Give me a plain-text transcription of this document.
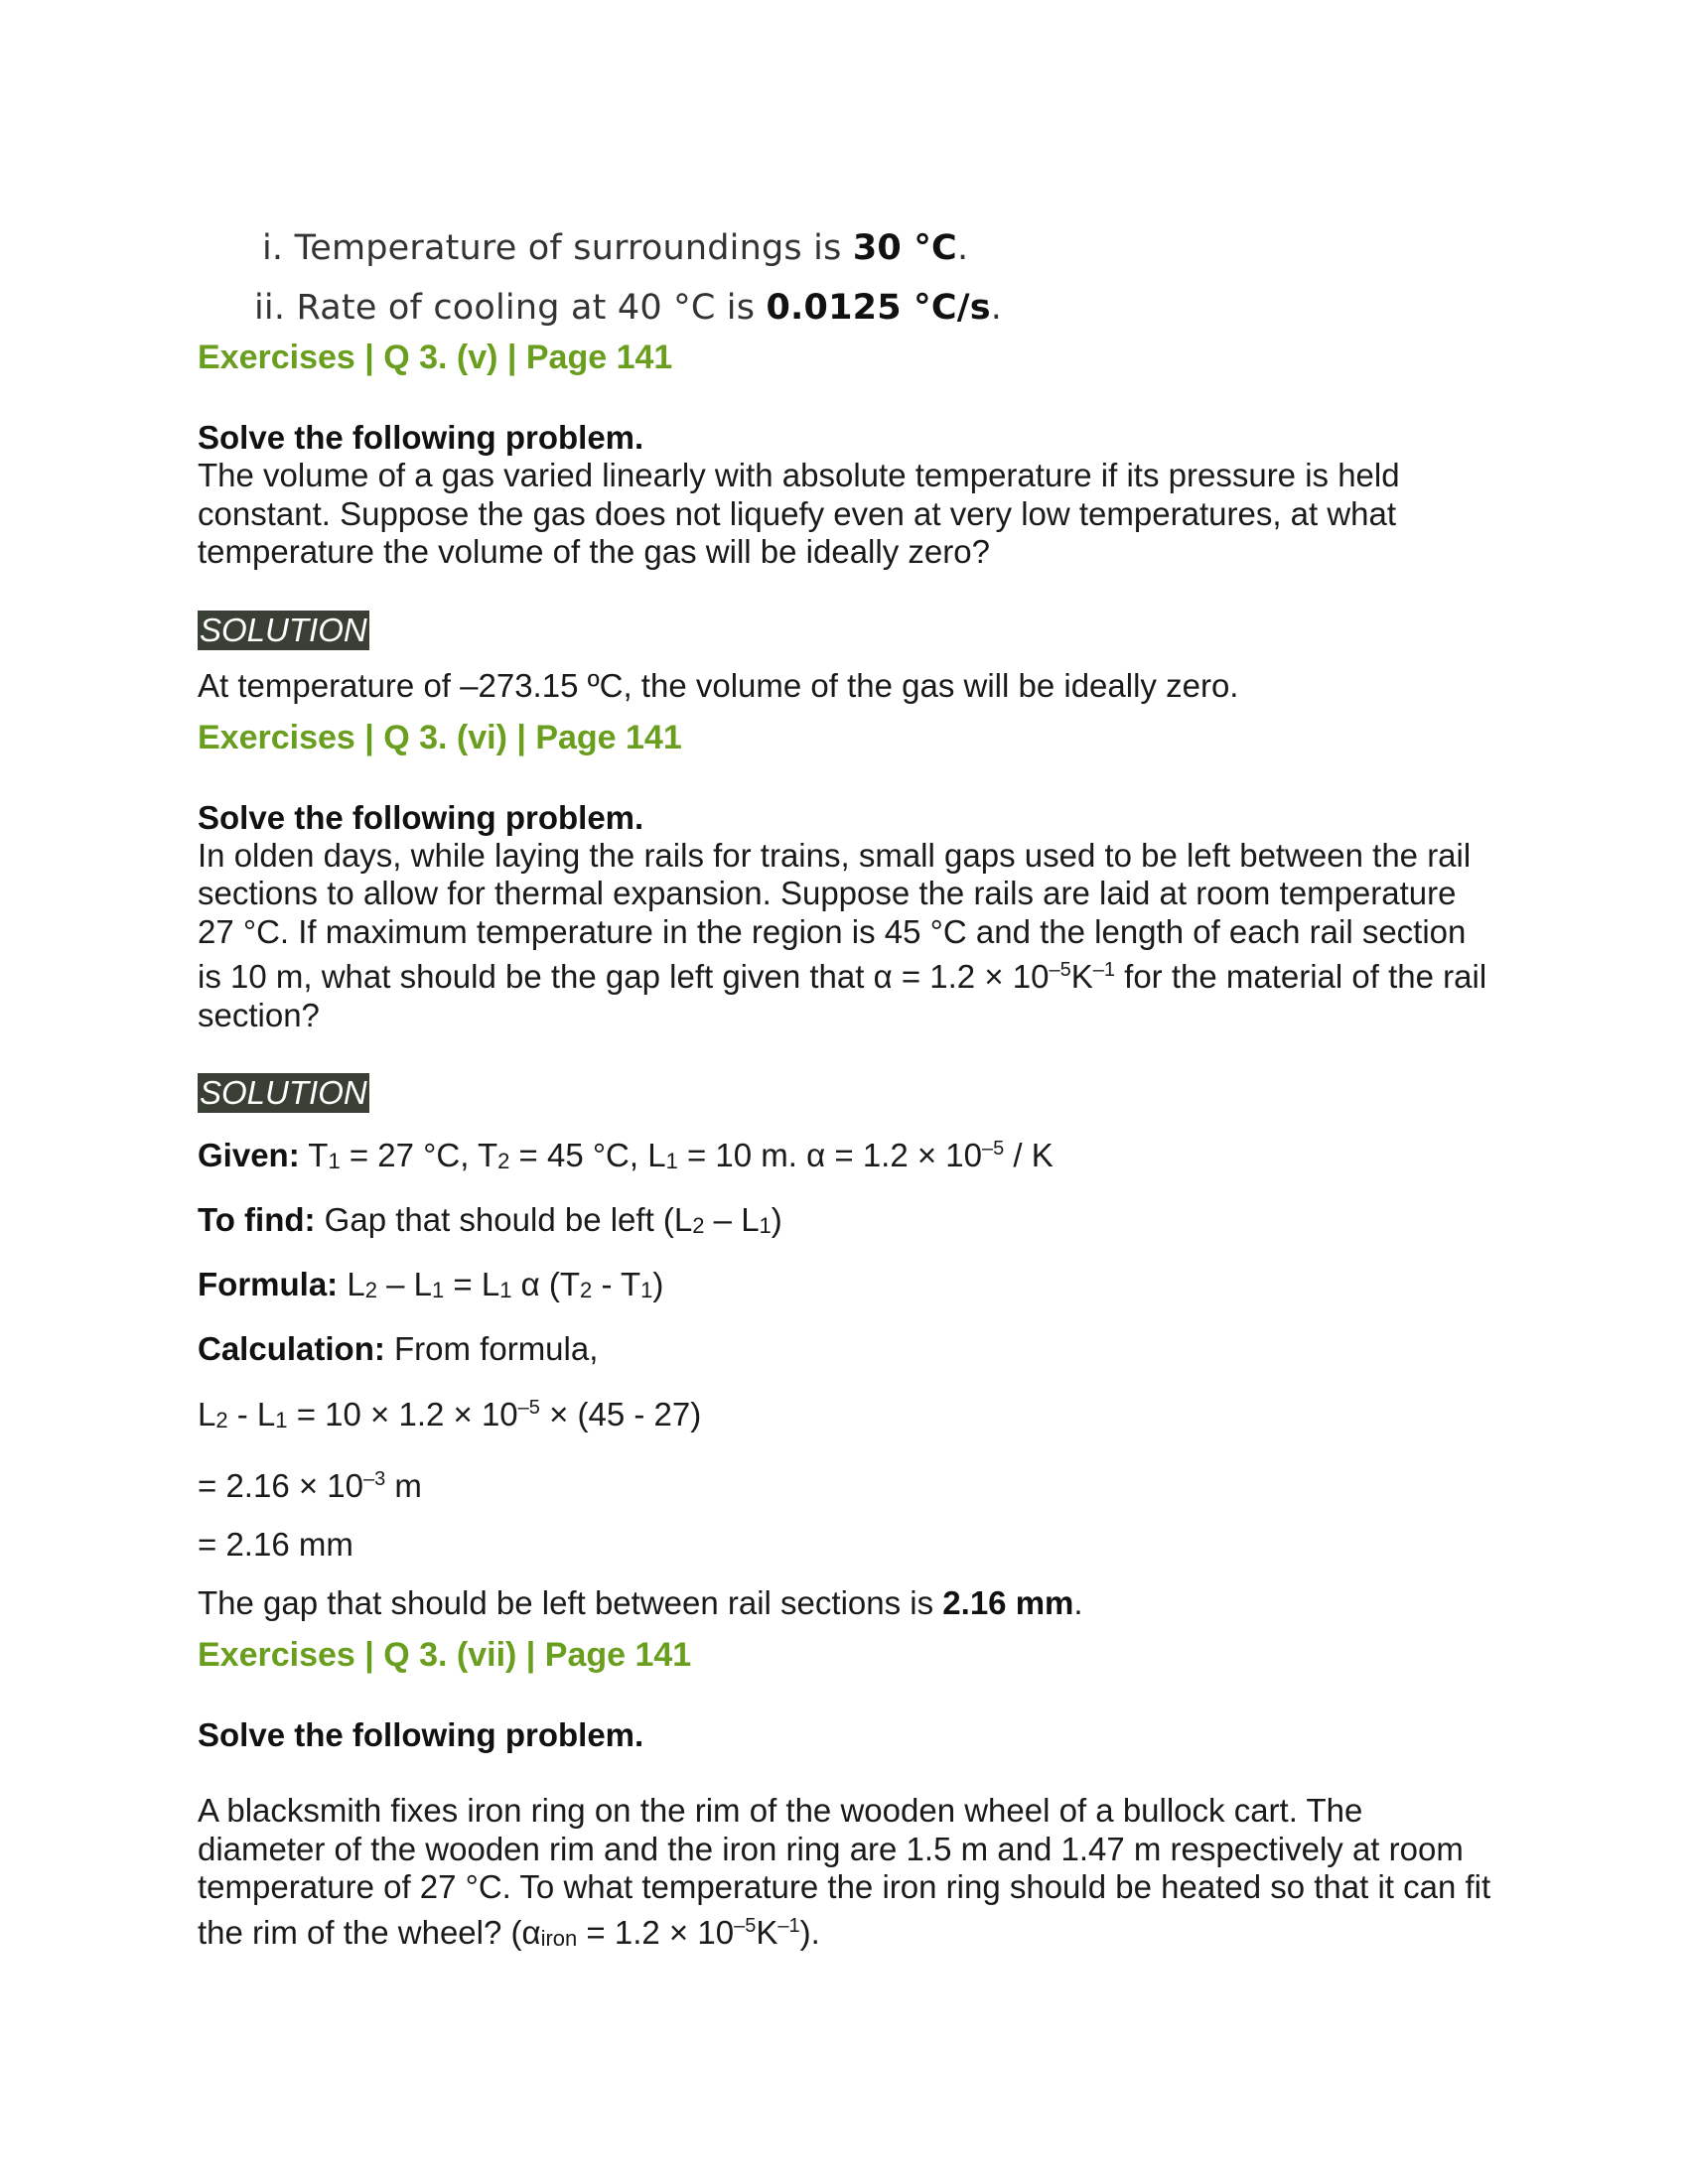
i. Temperature of surroundings is 30 °C.
ii. Rate of cooling at 40 °C is 0.0125 °C/s.
Exercises | Q 3. (v) | Page 141
Solve the following problem.
The volume of a gas varied linearly with absolute temperature if its pressure is held constant. Suppose the gas does not liquefy even at very low temperatures, at what temperature the volume of the gas will be ideally zero?
SOLUTION
At temperature of –273.15 ºC, the volume of the gas will be ideally zero.
Exercises | Q 3. (vi) | Page 141
Solve the following problem.
In olden days, while laying the rails for trains, small gaps used to be left between the rail sections to allow for thermal expansion. Suppose the rails are laid at room temperature 27 °C. If maximum temperature in the region is 45 °C and the length of each rail section is 10 m, what should be the gap left given that $\alpha = 1.2 \times 10^{-5}K^{-1}$ for the material of the rail section?
SOLUTION
Given: $T_1 = 27$ °C, $T_2 = 45$ °C, $L_1 = 10$ m. $\alpha = 1.2 \times 10^{-5} / K$
To find: Gap that should be left $(L_2 - L_1)$
Formula: $L_2 - L_1 = L_1$ α $(T_2 - T_1)$
Calculation: From formula,
$L_2 - L_1 = 10 \times 1.2 \times 10^{-5} \times (45 - 27)$
= $2.16 \times 10^{-3}$ m
= 2.16 mm
The gap that should be left between rail sections is 2.16 mm.
Exercises | Q 3. (vii) | Page 141
Solve the following problem.
A blacksmith fixes iron ring on the rim of the wooden wheel of a bullock cart. The diameter of the wooden rim and the iron ring are 1.5 m and 1.47 m respectively at room temperature of 27 °C. To what temperature the iron ring should be heated so that it can fit the rim of the wheel? $(\alpha_{iron} = 1.2 \times 10^{-5}K^{-1})$.
